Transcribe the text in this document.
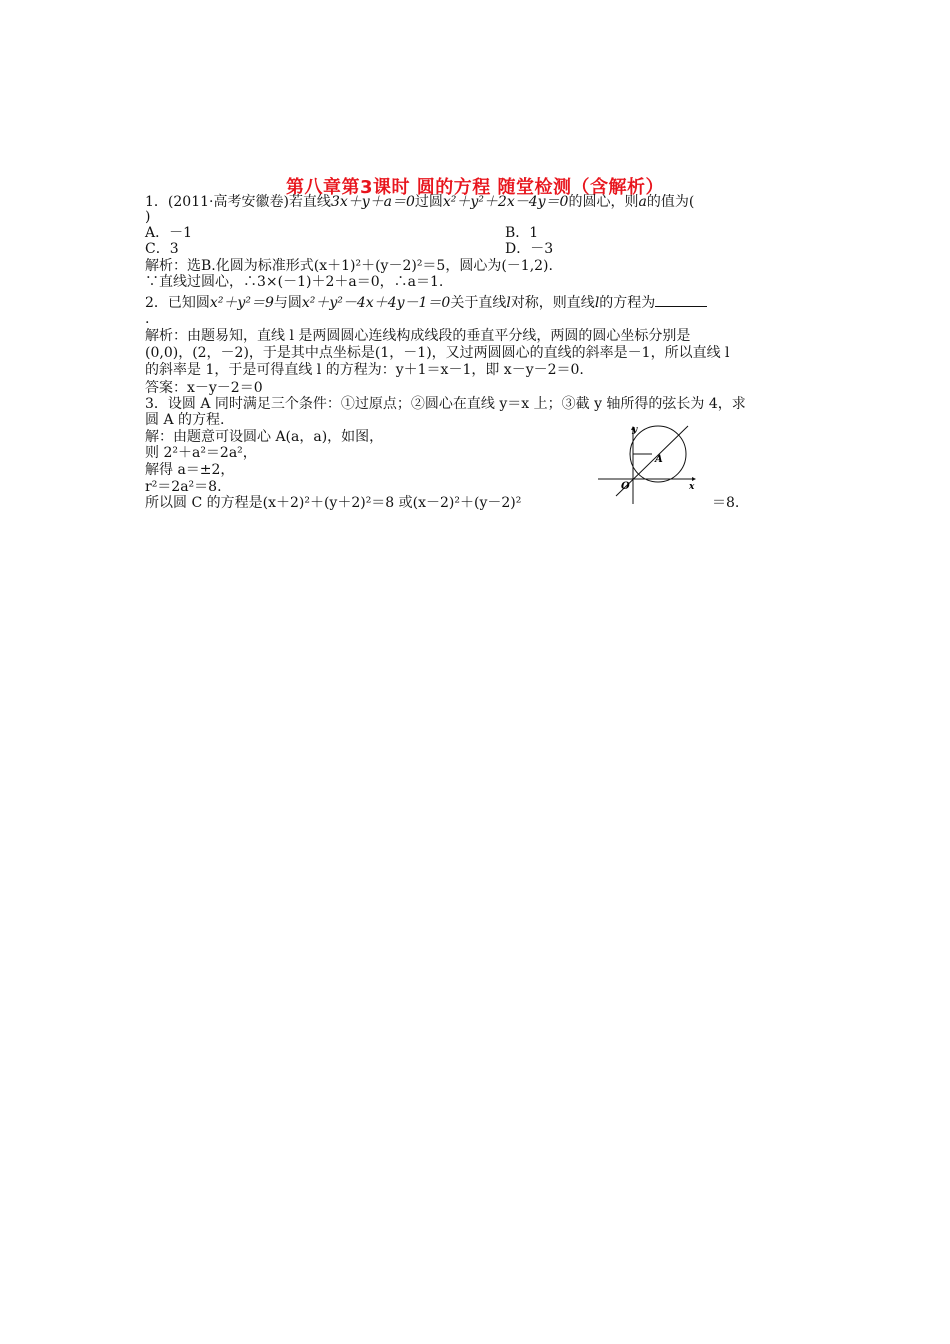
第八章第3课时 圆的方程 随堂检测（含解析）
1．(2011·高考安徽卷)若直线3x＋y＋a＝0过圆x²＋y²＋2x－4y＝0的圆心，则a的值为(
)
A．－1	B．1
C．3	D．－3
解析：选B.化圆为标准形式(x＋1)²＋(y－2)²＝5，圆心为(－1,2).
∵直线过圆心，∴3×(－1)＋2＋a＝0，∴a＝1.
2．已知圆x²＋y²＝9与圆x²＋y²－4x＋4y－1＝0关于直线l对称，则直线l的方程为
.
解析：由题易知，直线 l 是两圆圆心连线构成线段的垂直平分线，两圆的圆心坐标分别是
(0,0)，(2，－2)，于是其中点坐标是(1，－1)，又过两圆圆心的直线的斜率是－1，所以直线 l
的斜率是 1，于是可得直线 l 的方程为：y＋1＝x－1，即 x－y－2＝0.
答案：x－y－2＝0
3．设圆 A 同时满足三个条件：①过原点；②圆心在直线 y＝x 上；③截 y 轴所得的弦长为 4，求
圆 A 的方程.
解：由题意可设圆心 A(a，a)，如图，
则 2²＋a²＝2a²，
解得 a＝±2，
r²＝2a²＝8.
所以圆 C 的方程是(x＋2)²＋(y＋2)²＝8 或(x－2)²＋(y－2)²	＝8.
y
x
O
A
